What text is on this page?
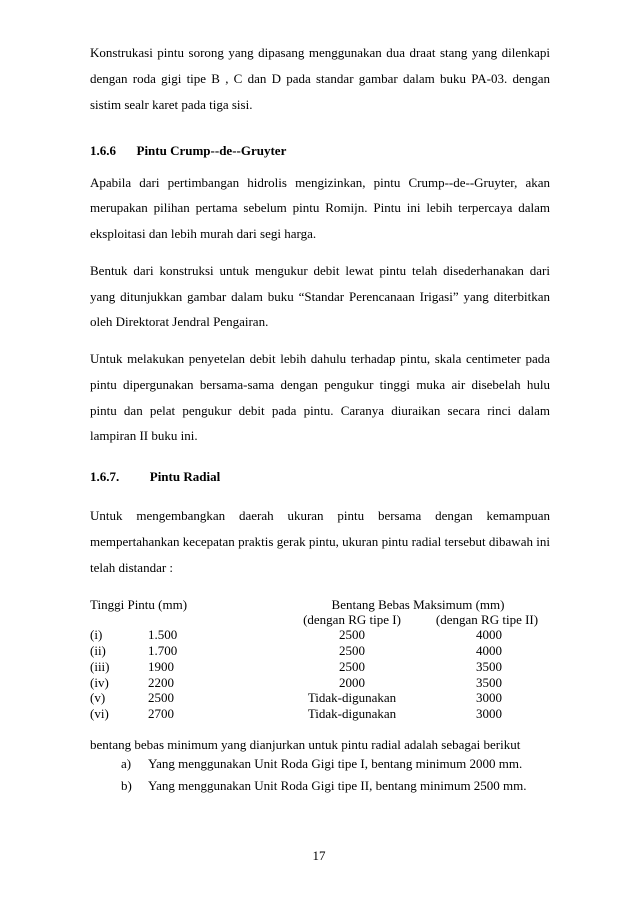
Konstrukasi pintu sorong yang dipasang menggunakan dua draat stang yang dilenkapi
dengan roda gigi tipe B , C dan D pada standar gambar dalam buku PA-03. dengan
sistim sealr karet pada tiga sisi.
1.6.6 Pintu Crump--de--Gruyter
Apabila dari pertimbangan hidrolis mengizinkan, pintu Crump--de--Gruyter, akan
merupakan pilihan pertama sebelum pintu Romijn. Pintu ini lebih terpercaya dalam
eksploitasi dan lebih murah dari segi harga.
Bentuk dari konstruksi untuk mengukur debit lewat pintu telah disederhanakan dari
yang ditunjukkan gambar dalam buku “Standar Perencanaan Irigasi” yang diterbitkan
oleh Direktorat Jendral Pengairan.
Untuk melakukan penyetelan debit lebih dahulu terhadap pintu, skala centimeter pada
pintu dipergunakan bersama-sama dengan pengukur tinggi muka air disebelah hulu
pintu dan pelat pengukur debit pada pintu. Caranya diuraikan secara rinci dalam
lampiran II buku ini.
1.6.7. Pintu Radial
Untuk mengembangkan daerah ukuran pintu bersama dengan kemampuan
mempertahankan kecepatan praktis gerak pintu, ukuran pintu radial tersebut dibawah ini
telah distandar :
Tinggi Pintu (mm)	Bentang Bebas Maksimum (mm)
(dengan RG tipe I)	(dengan RG tipe II)
(i)	1.500	2500	4000
(ii)	1.700	2500	4000
(iii)	1900	2500	3500
(iv)	2200	2000	3500
(v)	2500	Tidak-digunakan	3000
(vi)	2700	Tidak-digunakan	3000
bentang bebas minimum yang dianjurkan untuk pintu radial adalah sebagai berikut
a) Yang menggunakan Unit Roda Gigi tipe I, bentang minimum 2000 mm.
b) Yang menggunakan Unit Roda Gigi tipe II, bentang minimum 2500 mm.
17
